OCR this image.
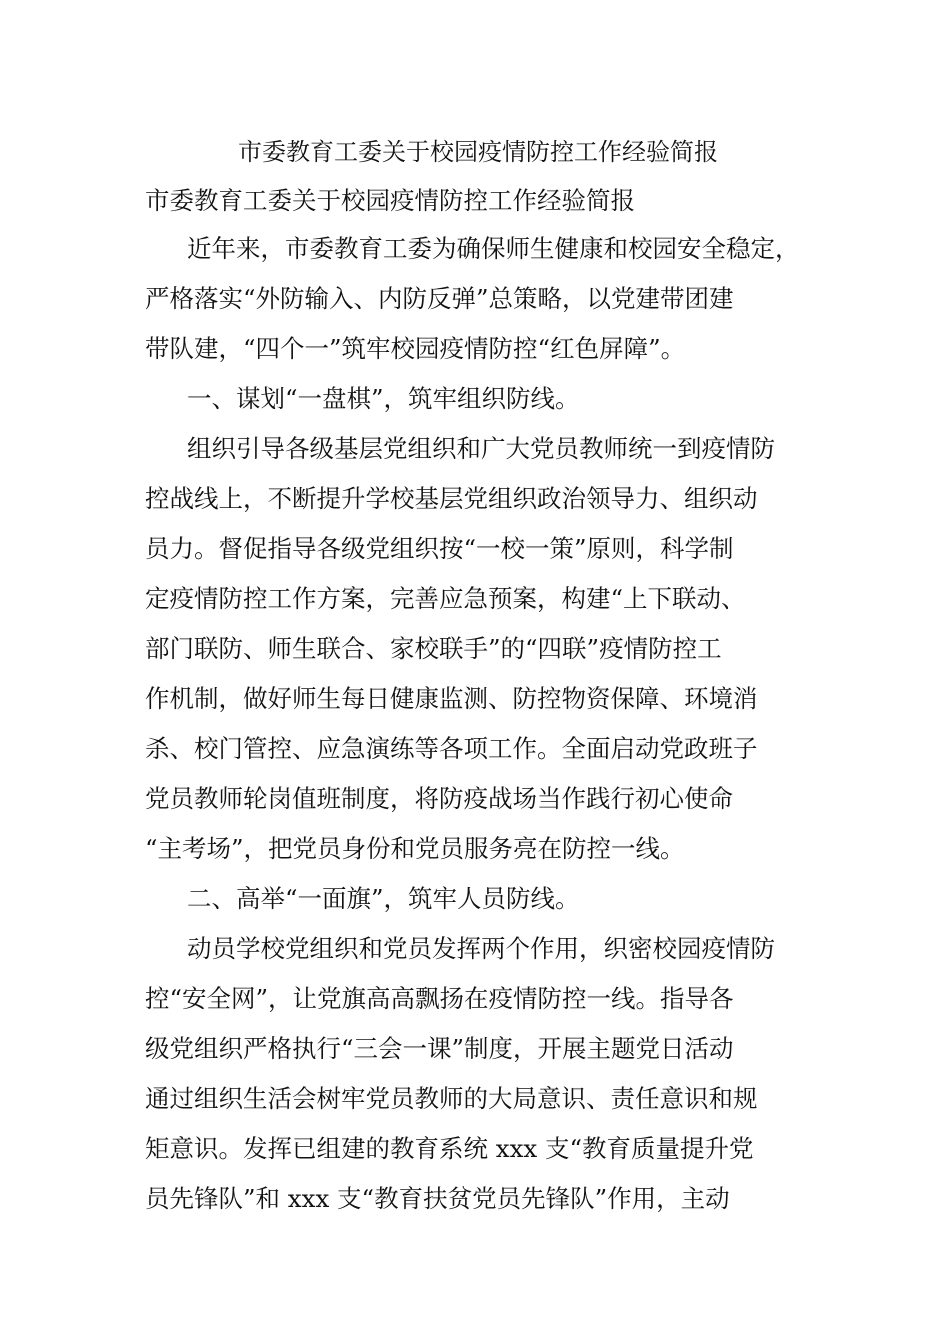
市委教育工委关于校园疫情防控工作经验简报

市委教育工委关于校园疫情防控工作经验简报

近年来，市委教育工委为确保师生健康和校园安全稳定，

严格落实“外防输入、内防反弹”总策略，以党建带团建

带队建，“四个一”筑牢校园疫情防控“红色屏障”。

一、谋划“一盘棋”，筑牢组织防线。

组织引导各级基层党组织和广大党员教师统一到疫情防

控战线上，不断提升学校基层党组织政治领导力、组织动

员力。督促指导各级党组织按“一校一策”原则，科学制

定疫情防控工作方案，完善应急预案，构建“上下联动、

部门联防、师生联合、家校联手”的“四联”疫情防控工

作机制，做好师生每日健康监测、防控物资保障、环境消

杀、校门管控、应急演练等各项工作。全面启动党政班子

党员教师轮岗值班制度，将防疫战场当作践行初心使命

“主考场”，把党员身份和党员服务亮在防控一线。

二、高举“一面旗”，筑牢人员防线。

动员学校党组织和党员发挥两个作用，织密校园疫情防

控“安全网”，让党旗高高飘扬在疫情防控一线。指导各

级党组织严格执行“三会一课”制度，开展主题党日活动

通过组织生活会树牢党员教师的大局意识、责任意识和规

矩意识。发挥已组建的教育系统 xxx 支“教育质量提升党

员先锋队”和 xxx 支“教育扶贫党员先锋队”作用，主动
